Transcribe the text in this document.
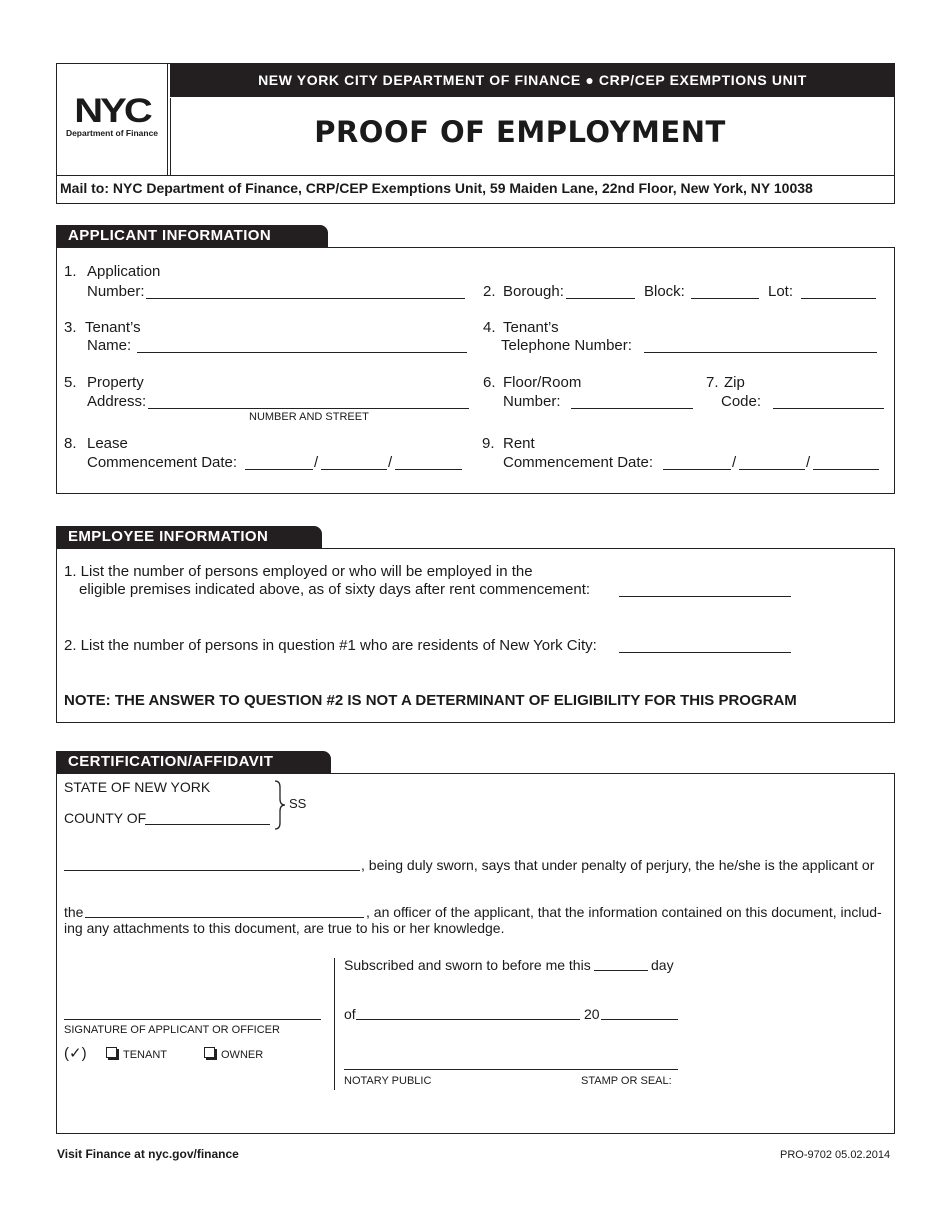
NYC
Department of Finance
NEW YORK CITY DEPARTMENT OF FINANCE ● CRP/CEP EXEMPTIONS UNIT
PROOF OF EMPLOYMENT
Mail to: NYC Department of Finance, CRP/CEP Exemptions Unit, 59 Maiden Lane, 22nd Floor, New York, NY 10038
APPLICANT INFORMATION
1. Application
Number:	2. Borough:	Block:	Lot:
3. Tenant’s
Name:
4. Tenant’s
Telephone Number:
5. Property
Address:
NUMBER AND STREET
6. Floor/Room
Number:
7. Zip
Code:
8. Lease
Commencement Date:	/	/
9. Rent
Commencement Date:	/	/
EMPLOYEE INFORMATION
1. List the number of persons employed or who will be employed in the
eligible premises indicated above, as of sixty days after rent commencement:
2. List the number of persons in question #1 who are residents of New York City:
NOTE: THE ANSWER TO QUESTION #2 IS NOT A DETERMINANT OF ELIGIBILITY FOR THIS PROGRAM
CERTIFICATION/AFFIDAVIT
STATE OF NEW YORK
COUNTY OF
SS
, being duly sworn, says that under penalty of perjury, the he/she is the applicant or
the	, an officer of the applicant, that the information contained on this document, includ-
ing any attachments to this document, are true to his or her knowledge.
Subscribed and sworn to before me this	day
of	20
SIGNATURE OF APPLICANT OR OFFICER
(✓)	TENANT	OWNER
NOTARY PUBLIC	STAMP OR SEAL:
Visit Finance at nyc.gov/finance	PRO-9702 05.02.2014
